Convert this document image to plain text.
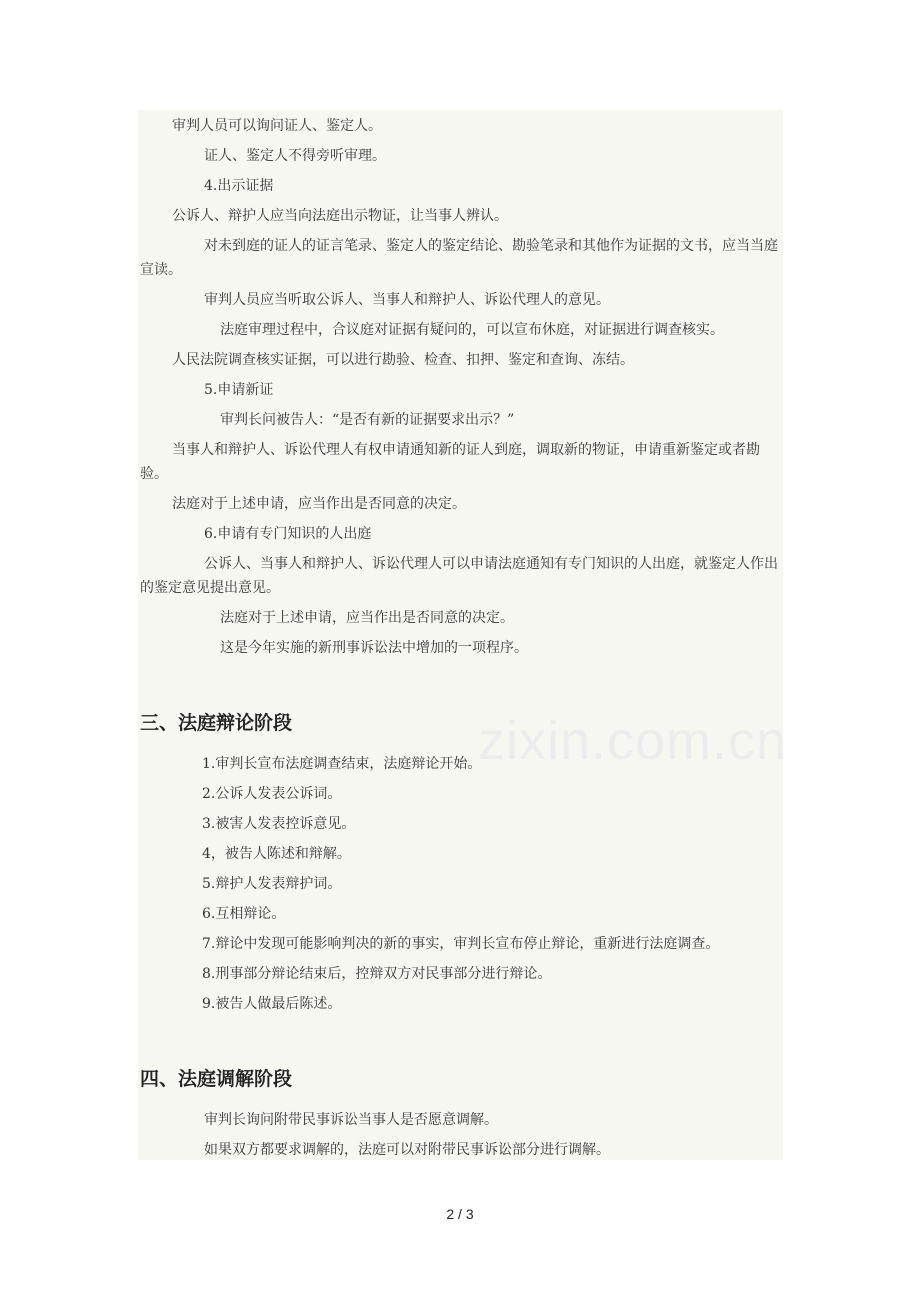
zixin.com.cn
审判人员可以询问证人、鉴定人。
证人、鉴定人不得旁听审理。
4.出示证据
公诉人、辩护人应当向法庭出示物证，让当事人辨认。
对未到庭的证人的证言笔录、鉴定人的鉴定结论、勘验笔录和其他作为证据的文书，应当当庭宣读。
审判人员应当听取公诉人、当事人和辩护人、诉讼代理人的意见。
法庭审理过程中，合议庭对证据有疑问的，可以宣布休庭，对证据进行调查核实。
人民法院调查核实证据，可以进行勘验、检查、扣押、鉴定和查询、冻结。
5.申请新证
审判长问被告人：“是否有新的证据要求出示？”
当事人和辩护人、诉讼代理人有权申请通知新的证人到庭，调取新的物证，申请重新鉴定或者勘验。
法庭对于上述申请，应当作出是否同意的决定。
6.申请有专门知识的人出庭
公诉人、当事人和辩护人、诉讼代理人可以申请法庭通知有专门知识的人出庭，就鉴定人作出的鉴定意见提出意见。
法庭对于上述申请，应当作出是否同意的决定。
这是今年实施的新刑事诉讼法中增加的一项程序。
三、法庭辩论阶段
1.审判长宣布法庭调查结束，法庭辩论开始。
2.公诉人发表公诉词。
3.被害人发表控诉意见。
4，被告人陈述和辩解。
5.辩护人发表辩护词。
6.互相辩论。
7.辩论中发现可能影响判决的新的事实，审判长宣布停止辩论，重新进行法庭调查。
8.刑事部分辩论结束后，控辩双方对民事部分进行辩论。
9.被告人做最后陈述。
四、法庭调解阶段
审判长询问附带民事诉讼当事人是否愿意调解。
如果双方都要求调解的，法庭可以对附带民事诉讼部分进行调解。
2 / 3
